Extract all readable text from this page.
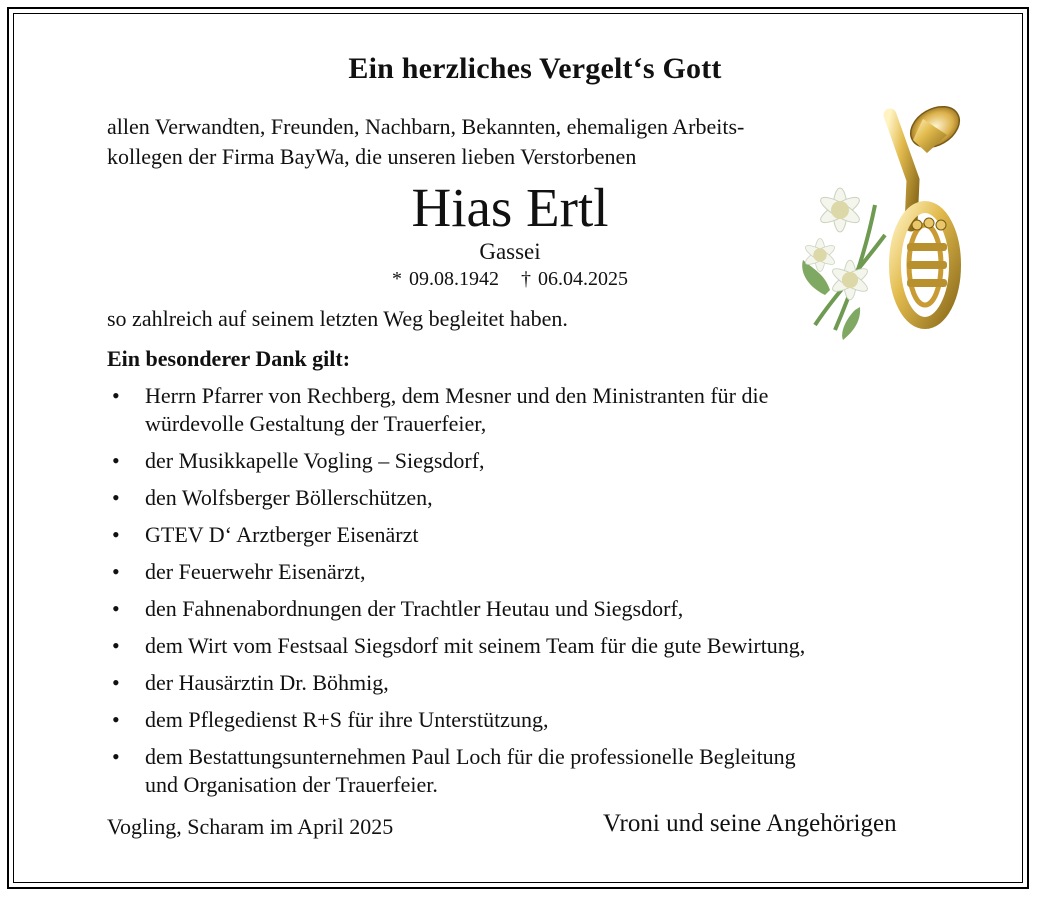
Ein herzliches Vergelt‘s Gott
allen Verwandten, Freunden, Nachbarn, Bekannten, ehemaligen Arbeits-
kollegen der Firma BayWa, die unseren lieben Verstorbenen
Hias Ertl
Gassei
* 09.08.1942 † 06.04.2025
so zahlreich auf seinem letzten Weg begleitet haben.
Ein besonderer Dank gilt:
• Herrn Pfarrer von Rechberg, dem Mesner und den Ministranten für die
würdevolle Gestaltung der Trauerfeier,
• der Musikkapelle Vogling – Siegsdorf,
• den Wolfsberger Böllerschützen,
• GTEV D‘ Arztberger Eisenärzt
• der Feuerwehr Eisenärzt,
• den Fahnenabordnungen der Trachtler Heutau und Siegsdorf,
• dem Wirt vom Festsaal Siegsdorf mit seinem Team für die gute Bewirtung,
• der Hausärztin Dr. Böhmig,
• dem Pflegedienst R+S für ihre Unterstützung,
• dem Bestattungsunternehmen Paul Loch für die professionelle Begleitung
und Organisation der Trauerfeier.
Vogling, Scharam im April 2025	Vroni und seine Angehörigen
